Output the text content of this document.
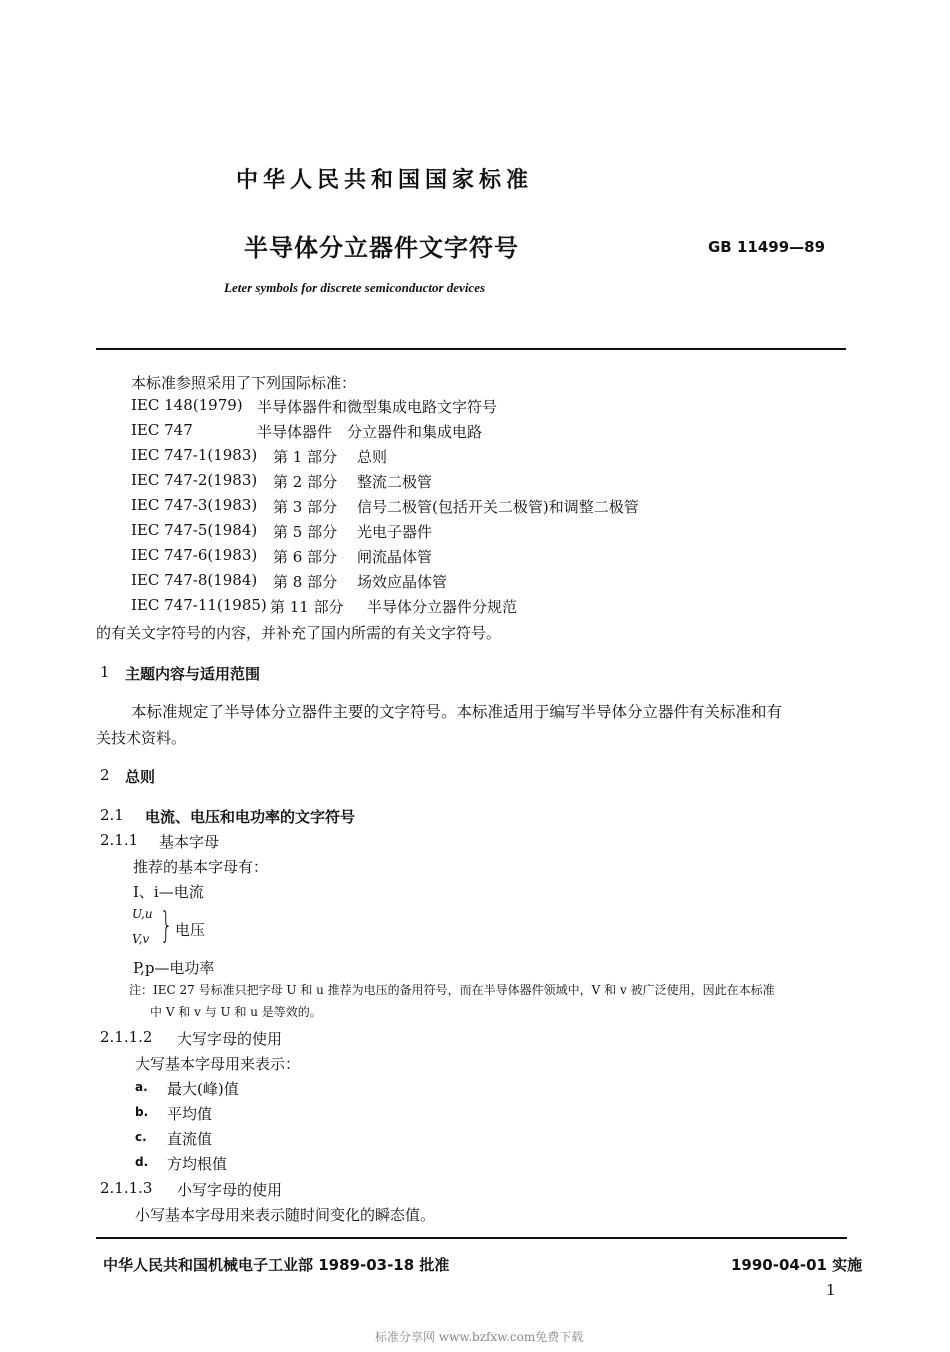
中华人民共和国国家标准
半导体分立器件文字符号	GB 11499—89
Leter symbols for discrete semiconductor devices
本标准参照采用了下列国际标准：
IEC 148(1979) 半导体器件和微型集成电路文字符号
IEC 747	半导体器件　分立器件和集成电路
IEC 747-1(1983) 第 1 部分 总则
IEC 747-2(1983) 第 2 部分 整流二极管
IEC 747-3(1983) 第 3 部分 信号二极管(包括开关二极管)和调整二极管
IEC 747-5(1984) 第 5 部分 光电子器件
IEC 747-6(1983) 第 6 部分 闸流晶体管
IEC 747-8(1984) 第 8 部分 场效应晶体管
IEC 747-11(1985) 第 11 部分 半导体分立器件分规范
的有关文字符号的内容，并补充了国内所需的有关文字符号。
1 主题内容与适用范围
本标准规定了半导体分立器件主要的文字符号。本标准适用于编写半导体分立器件有关标准和有
关技术资料。
2 总则
2.1 电流、电压和电功率的文字符号
2.1.1 基本字母
推荐的基本字母有：
I、i—电流
U,u
V,v } 电压
P,p—电功率
注：IEC 27 号标准只把字母 U 和 u 推荐为电压的备用符号，而在半导体器件领域中，V 和 v 被广泛使用，因此在本标准
中 V 和 v 与 U 和 u 是等效的。
2.1.1.2 大写字母的使用
大写基本字母用来表示：
a. 最大(峰)值
b. 平均值
c. 直流值
d. 方均根值
2.1.1.3 小写字母的使用
小写基本字母用来表示随时间变化的瞬态值。
中华人民共和国机械电子工业部 1989-03-18 批准	1990-04-01 实施
1
标准分享网 www.bzfxw.com免费下载
